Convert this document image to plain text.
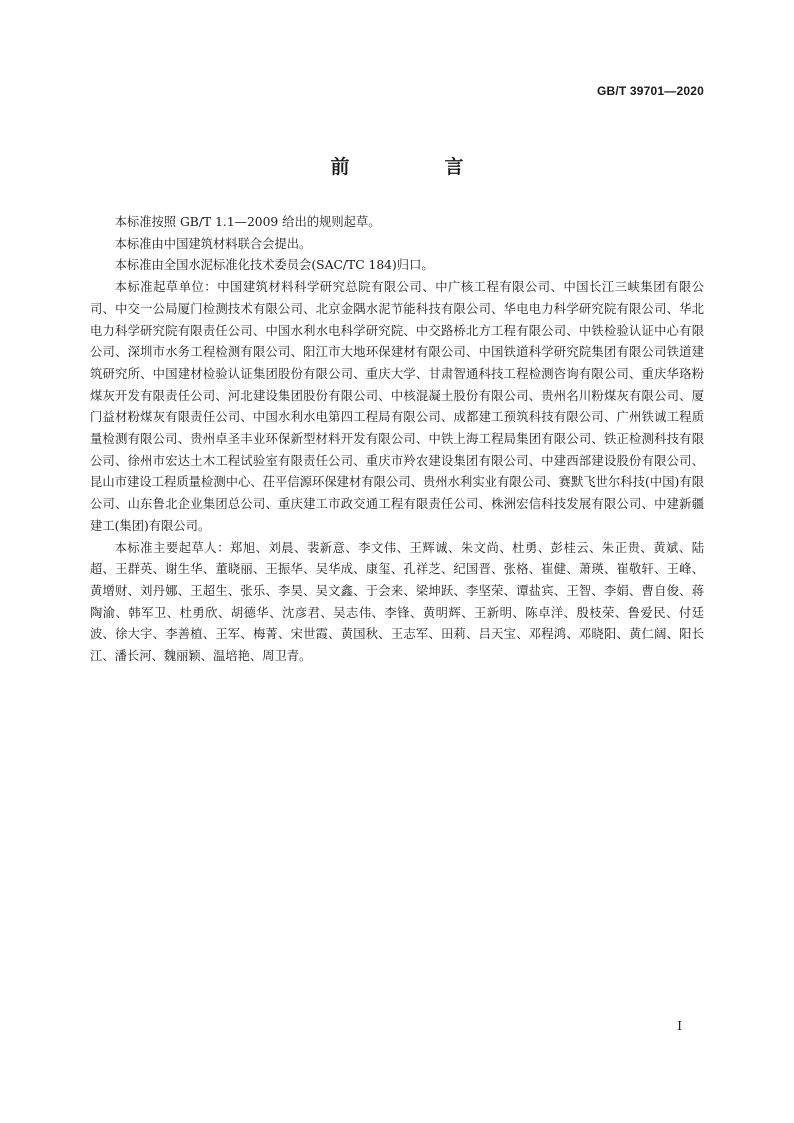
GB/T 39701—2020
前　言

本标准按照 GB/T 1.1—2009 给出的规则起草。

本标准由中国建筑材料联合会提出。

本标准由全国水泥标准化技术委员会(SAC/TC 184)归口。

本标准起草单位：中国建筑材料科学研究总院有限公司、中广核工程有限公司、中国长江三峡集团有限公司、中交一公局厦门检测技术有限公司、北京金隅水泥节能科技有限公司、华电电力科学研究院有限公司、华北电力科学研究院有限责任公司、中国水利水电科学研究院、中交路桥北方工程有限公司、中铁检验认证中心有限公司、深圳市水务工程检测有限公司、阳江市大地环保建材有限公司、中国铁道科学研究院集团有限公司铁道建筑研究所、中国建材检验认证集团股份有限公司、重庆大学、甘肃智通科技工程检测咨询有限公司、重庆华珞粉煤灰开发有限责任公司、河北建设集团股份有限公司、中核混凝土股份有限公司、贵州名川粉煤灰有限公司、厦门益材粉煤灰有限责任公司、中国水利水电第四工程局有限公司、成都建工预筑科技有限公司、广州铁诚工程质量检测有限公司、贵州卓圣丰业环保新型材料开发有限公司、中铁上海工程局集团有限公司、铁正检测科技有限公司、徐州市宏达土木工程试验室有限责任公司、重庆市羚农建设集团有限公司、中建西部建设股份有限公司、昆山市建设工程质量检测中心、茌平信源环保建材有限公司、贵州水利实业有限公司、赛默飞世尔科技(中国)有限公司、山东鲁北企业集团总公司、重庆建工市政交通工程有限责任公司、株洲宏信科技发展有限公司、中建新疆建工(集团)有限公司。

本标准主要起草人：郑旭、刘晨、裴新意、李文伟、王辉诚、朱文尚、杜勇、彭桂云、朱正贵、黄斌、陆超、王群英、谢生华、董晓丽、王振华、吴华成、康玺、孔祥芝、纪国晋、张格、崔健、萧瑛、崔敬轩、王峰、黄增财、刘丹娜、王超生、张乐、李昊、吴文鑫、于会来、梁坤跃、李坚荣、谭盐宾、王智、李娟、曹自俊、蒋陶渝、韩军卫、杜勇欣、胡德华、沈彦君、吴志伟、李锋、黄明辉、王新明、陈卓洋、殷枝荣、鲁爱民、付廷波、徐大宇、李善植、王军、梅菁、宋世霞、黄国秋、王志军、田莉、吕天宝、邓程鸿、邓晓阳、黄仁阔、阳长江、潘长河、魏丽颖、温培艳、周卫青。

I
